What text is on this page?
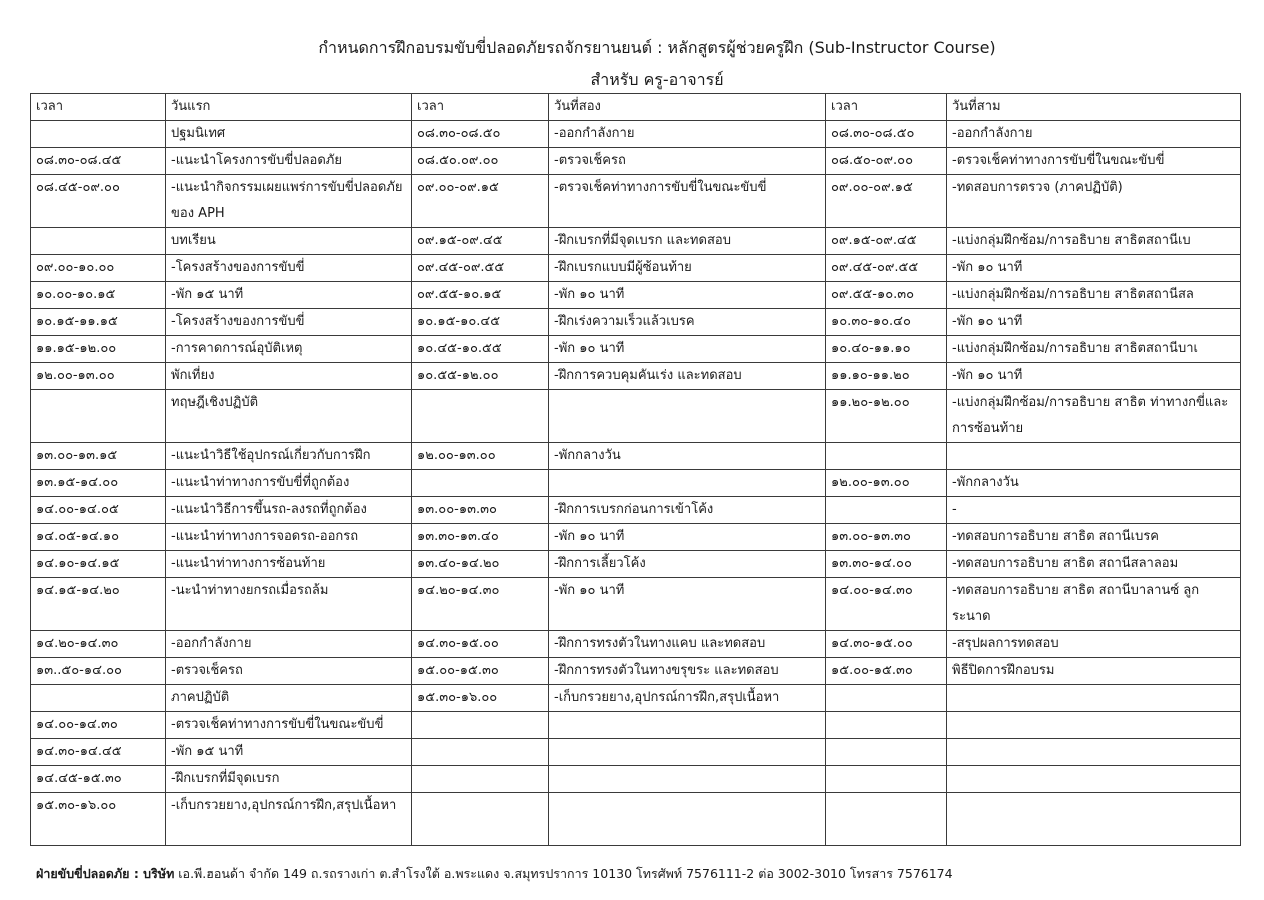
กำหนดการฝึกอบรมขับขี่ปลอดภัยรถจักรยานยนต์ : หลักสูตรผู้ช่วยครูฝึก (Sub-Instructor Course)
สำหรับ ครู-อาจารย์
เวลา	วันแรก	เวลา	วันที่สอง	เวลา	วันที่สาม
	ปฐมนิเทศ	๐๘.๓๐-๐๘.๕๐	-ออกกำลังกาย	๐๘.๓๐-๐๘.๕๐	-ออกกำลังกาย
๐๘.๓๐-๐๘.๔๕	-แนะนำโครงการขับขี่ปลอดภัย	๐๘.๕๐.๐๙.๐๐	-ตรวจเช็ครถ	๐๘.๕๐-๐๙.๐๐	-ตรวจเช็คท่าทางการขับขี่ในขณะขับขี่
๐๘.๔๕-๐๙.๐๐	-แนะนำกิจกรรมเผยแพร่การขับขี่ปลอดภัยของ APH	๐๙.๐๐-๐๙.๑๕	-ตรวจเช็คท่าทางการขับขี่ในขณะขับขี่	๐๙.๐๐-๐๙.๑๕	-ทดสอบการตรวจ (ภาคปฏิบัติ)
	บทเรียน	๐๙.๑๕-๐๙.๔๕	-ฝึกเบรกที่มีจุดเบรก และทดสอบ	๐๙.๑๕-๐๙.๔๕	-แบ่งกลุ่มฝึกซ้อม/การอธิบาย สาธิตสถานีเบ
๐๙.๐๐-๑๐.๐๐	-โครงสร้างของการขับขี่	๐๙.๔๕-๐๙.๕๕	-ฝึกเบรกแบบมีผู้ซ้อนท้าย	๐๙.๔๕-๐๙.๕๕	-พัก ๑๐ นาที
๑๐.๐๐-๑๐.๑๕	-พัก ๑๕ นาที	๐๙.๕๕-๑๐.๑๕	-พัก ๑๐ นาที	๐๙.๕๕-๑๐.๓๐	-แบ่งกลุ่มฝึกซ้อม/การอธิบาย สาธิตสถานีสล
๑๐.๑๕-๑๑.๑๕	-โครงสร้างของการขับขี่	๑๐.๑๕-๑๐.๔๕	-ฝึกเร่งความเร็วแล้วเบรค	๑๐.๓๐-๑๐.๔๐	-พัก ๑๐ นาที
๑๑.๑๕-๑๒.๐๐	-การคาดการณ์อุบัติเหตุ	๑๐.๔๕-๑๐.๕๕	-พัก ๑๐ นาที	๑๐.๔๐-๑๑.๑๐	-แบ่งกลุ่มฝึกซ้อม/การอธิบาย สาธิตสถานีบาเ
๑๒.๐๐-๑๓.๐๐	พักเที่ยง	๑๐.๕๕-๑๒.๐๐	-ฝึกการควบคุมคันเร่ง และทดสอบ	๑๑.๑๐-๑๑.๒๐	-พัก ๑๐ นาที
	ทฤษฎีเชิงปฏิบัติ			๑๑.๒๐-๑๒.๐๐	-แบ่งกลุ่มฝึกซ้อม/การอธิบาย สาธิต ท่าทางกขี่และการซ้อนท้าย
๑๓.๐๐-๑๓.๑๕	-แนะนำวิธีใช้อุปกรณ์เกี่ยวกับการฝึก	๑๒.๐๐-๑๓.๐๐	-พักกลางวัน		
๑๓.๑๕-๑๔.๐๐	-แนะนำท่าทางการขับขี่ที่ถูกต้อง			๑๒.๐๐-๑๓.๐๐	-พักกลางวัน
๑๔.๐๐-๑๔.๐๕	-แนะนำวิธีการขึ้นรถ-ลงรถที่ถูกต้อง	๑๓.๐๐-๑๓.๓๐	-ฝึกการเบรกก่อนการเข้าโค้ง		-
๑๔.๐๕-๑๔.๑๐	-แนะนำท่าทางการจอดรถ-ออกรถ	๑๓.๓๐-๑๓.๔๐	-พัก ๑๐ นาที	๑๓.๐๐-๑๓.๓๐	-ทดสอบการอธิบาย สาธิต สถานีเบรค
๑๔.๑๐-๑๔.๑๕	-แนะนำท่าทางการซ้อนท้าย	๑๓.๔๐-๑๔.๒๐	-ฝึกการเลี้ยวโค้ง	๑๓.๓๐-๑๔.๐๐	-ทดสอบการอธิบาย สาธิต สถานีสลาลอม
๑๔.๑๕-๑๔.๒๐	-นะนำท่าทางยกรถเมื่อรถล้ม	๑๔.๒๐-๑๔.๓๐	-พัก ๑๐ นาที	๑๔.๐๐-๑๔.๓๐	-ทดสอบการอธิบาย สาธิต สถานีบาลานซ์ ลูกระนาด
๑๔.๒๐-๑๔.๓๐	-ออกกำลังกาย	๑๔.๓๐-๑๕.๐๐	-ฝึกการทรงตัวในทางแคบ และทดสอบ	๑๔.๓๐-๑๕.๐๐	-สรุปผลการทดสอบ
๑๓..๕๐-๑๔.๐๐	-ตรวจเช็ครถ	๑๕.๐๐-๑๕.๓๐	-ฝึกการทรงตัวในทางขรุขระ และทดสอบ	๑๕.๐๐-๑๕.๓๐	พิธีปิดการฝึกอบรม
	ภาคปฏิบัติ	๑๕.๓๐-๑๖.๐๐	-เก็บกรวยยาง,อุปกรณ์การฝึก,สรุปเนื้อหา		
๑๔.๐๐-๑๔.๓๐	-ตรวจเช็คท่าทางการขับขี่ในขณะขับขี่				
๑๔.๓๐-๑๔.๔๕	-พัก ๑๕ นาที				
๑๔.๔๕-๑๕.๓๐	-ฝึกเบรกที่มีจุดเบรก				
๑๕.๓๐-๑๖.๐๐	-เก็บกรวยยาง,อุปกรณ์การฝึก,สรุปเนื้อหา				
ฝ่ายขับขี่ปลอดภัย : บริษัท เอ.พี.ฮอนด้า จำกัด 149 ถ.รถรางเก่า ต.สำโรงใต้ อ.พระแดง จ.สมุทรปราการ 10130 โทรศัพท์ 7576111-2 ต่อ 3002-3010 โทรสาร 7576174
